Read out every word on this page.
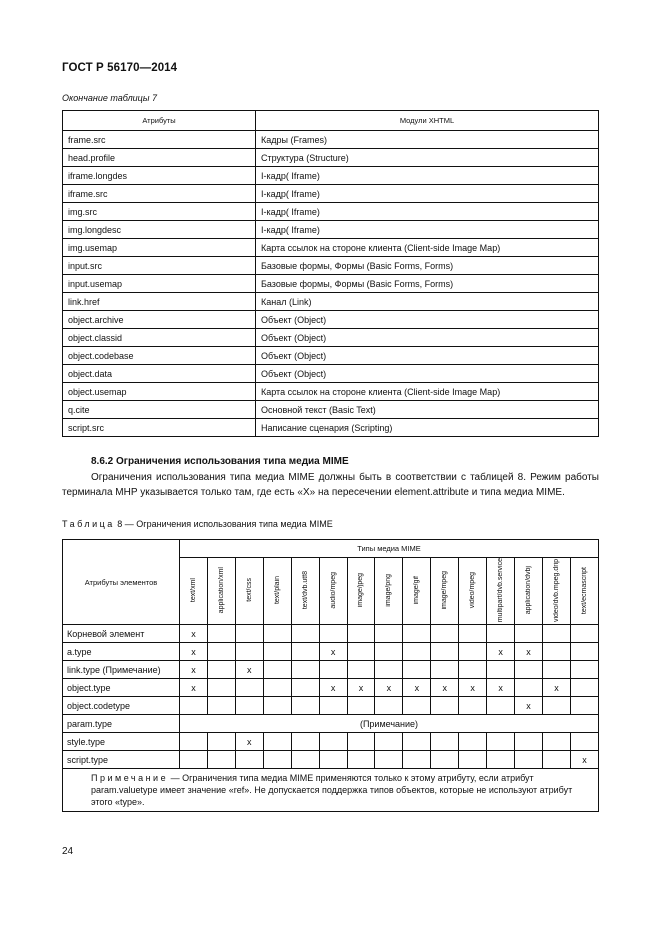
ГОСТ Р 56170—2014
Окончание таблицы 7
Атрибуты	Модули XHTML
frame.src	Кадры (Frames)
head.profile	Структура (Structure)
iframe.longdes	I-кадр( Iframe)
iframe.src	I-кадр( Iframe)
img.src	I-кадр( Iframe)
img.longdesc	I-кадр( Iframe)
img.usemap	Карта ссылок на стороне клиента (Client-side Image Map)
input.src	Базовые формы, Формы (Basic Forms, Forms)
input.usemap	Базовые формы, Формы (Basic Forms, Forms)
link.href	Канал (Link)
object.archive	Объект (Object)
object.classid	Объект (Object)
object.codebase	Объект (Object)
object.data	Объект (Object)
object.usemap	Карта ссылок на стороне клиента (Client-side Image Map)
q.cite	Основной текст (Basic Text)
script.src	Написание сценария (Scripting)
8.6.2 Ограничения использования типа медиа MIME
Ограничения использования типа медиа MIME должны быть в соответствии с таблицей 8. Режим работы терминала МНР указывается только там, где есть «X» на пересечении element.attribute и типа медиа MIME.
Таблица 8 — Ограничения использования типа медиа MIME
Атрибуты элементов	Типы медиа MIME														
	text/xml	application/xml	text/css	text/plain	text/dvb.utf8	audio/mpeg	image/jpeg	image/png	image/gif	image/mpeg	video/mpeg	multipart/dvb.service	application/dvbj	video/dvb.mpeg.drip	text/ecmascript
Корневой элемент	x														
a.type	x					x						x	x		
link.type (Примечание)	x		x												
object.type	x					x	x	x	x	x	x	x		x	
object.codetype													x		
param.type	(Примечание)														
style.type			x												
script.type															x
Примечание — Ограничения типа медиа MIME применяются только к этому атрибуту, если атрибут param.valuetype имеет значение «ref». Не допускается поддержка типов объектов, которые не используют атрибут этого «type».															
24
